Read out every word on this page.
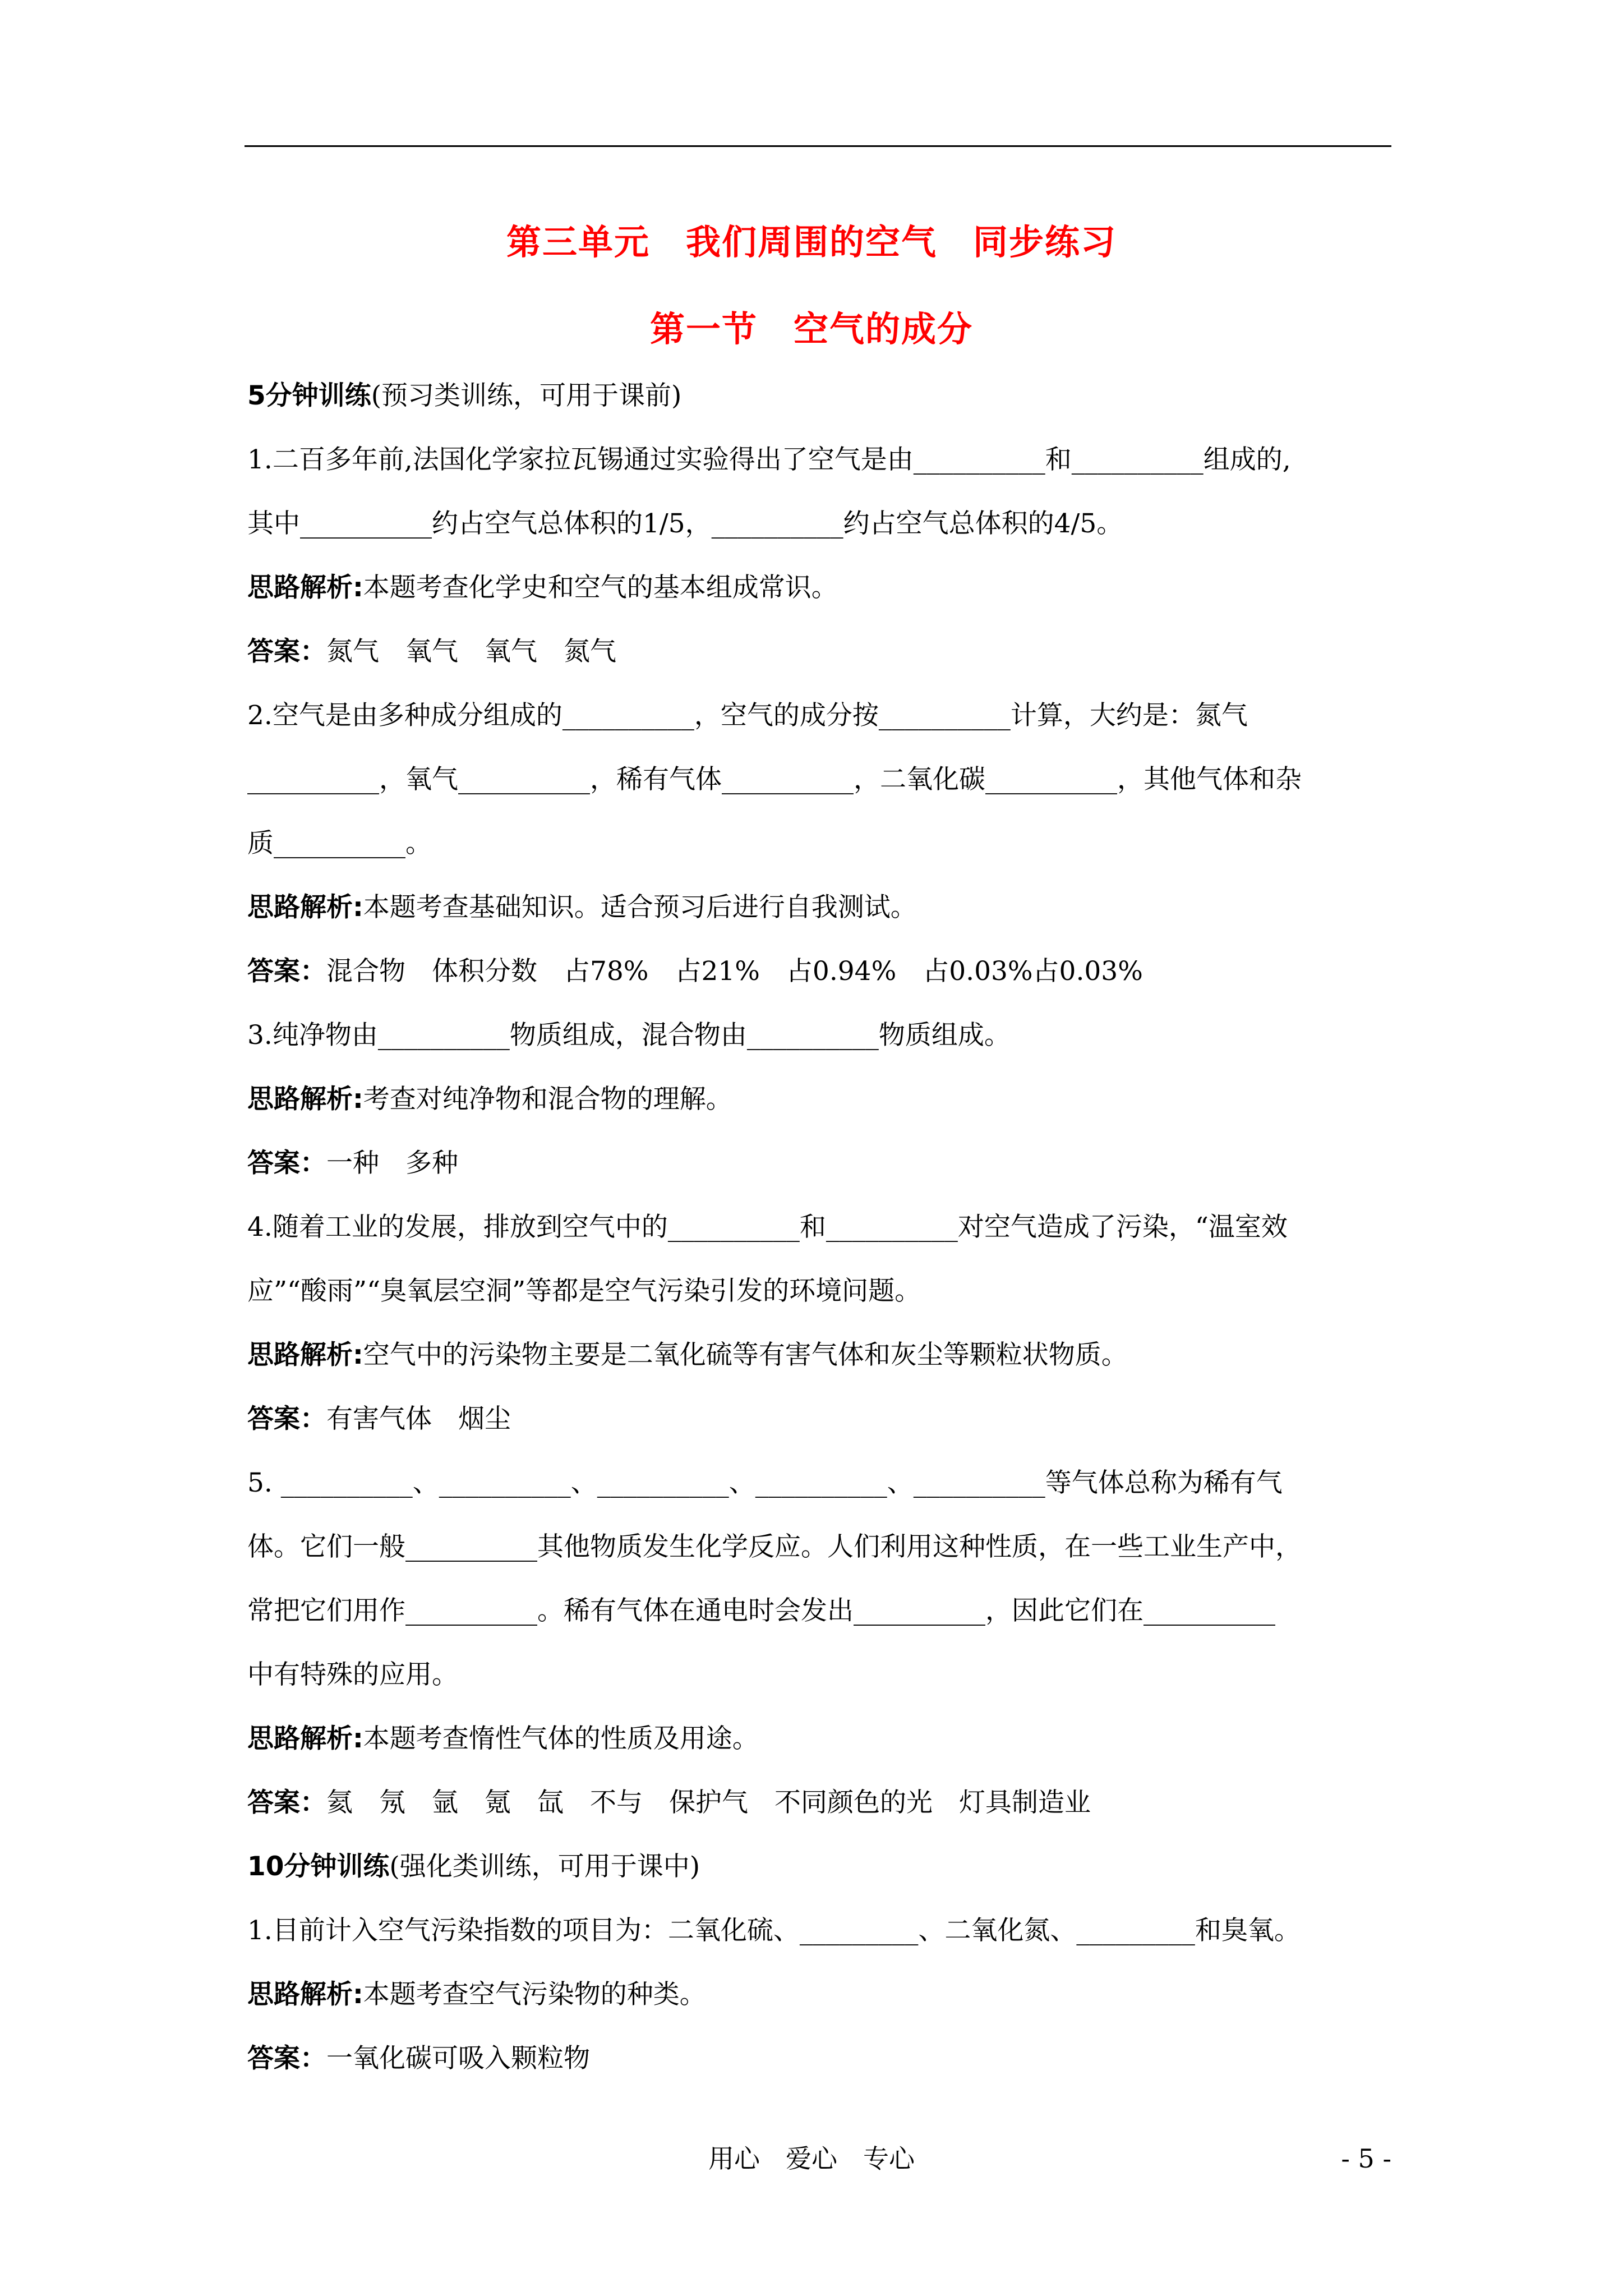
第三单元　我们周围的空气　同步练习
第一节　空气的成分
5分钟训练(预习类训练，可用于课前)
1.二百多年前,法国化学家拉瓦锡通过实验得出了空气是由__________和__________组成的,
其中__________约占空气总体积的1/5，__________约占空气总体积的4/5。
思路解析:本题考查化学史和空气的基本组成常识。
答案：氮气　氧气　氧气　氮气
2.空气是由多种成分组成的__________，空气的成分按__________计算，大约是：氮气
__________，氧气__________，稀有气体__________，二氧化碳__________，其他气体和杂
质__________。
思路解析:本题考查基础知识。适合预习后进行自我测试。
答案：混合物　体积分数　占78%　占21%　占0.94%　占0.03%占0.03%
3.纯净物由__________物质组成，混合物由__________物质组成。
思路解析:考查对纯净物和混合物的理解。
答案：一种　多种
4.随着工业的发展，排放到空气中的__________和__________对空气造成了污染，“温室效
应”“酸雨”“臭氧层空洞”等都是空气污染引发的环境问题。
思路解析:空气中的污染物主要是二氧化硫等有害气体和灰尘等颗粒状物质。
答案：有害气体　烟尘
5. __________、__________、__________、__________、__________等气体总称为稀有气
体。它们一般__________其他物质发生化学反应。人们利用这种性质，在一些工业生产中，
常把它们用作__________。稀有气体在通电时会发出__________，因此它们在__________
中有特殊的应用。
思路解析:本题考查惰性气体的性质及用途。
答案：氦　氖　氩　氪　氙　不与　保护气　不同颜色的光　灯具制造业
10分钟训练(强化类训练，可用于课中)
1.目前计入空气污染指数的项目为：二氧化硫、_________、二氧化氮、_________和臭氧。
思路解析:本题考查空气污染物的种类。
答案：一氧化碳可吸入颗粒物
用心　爱心　专心	- 5 -
